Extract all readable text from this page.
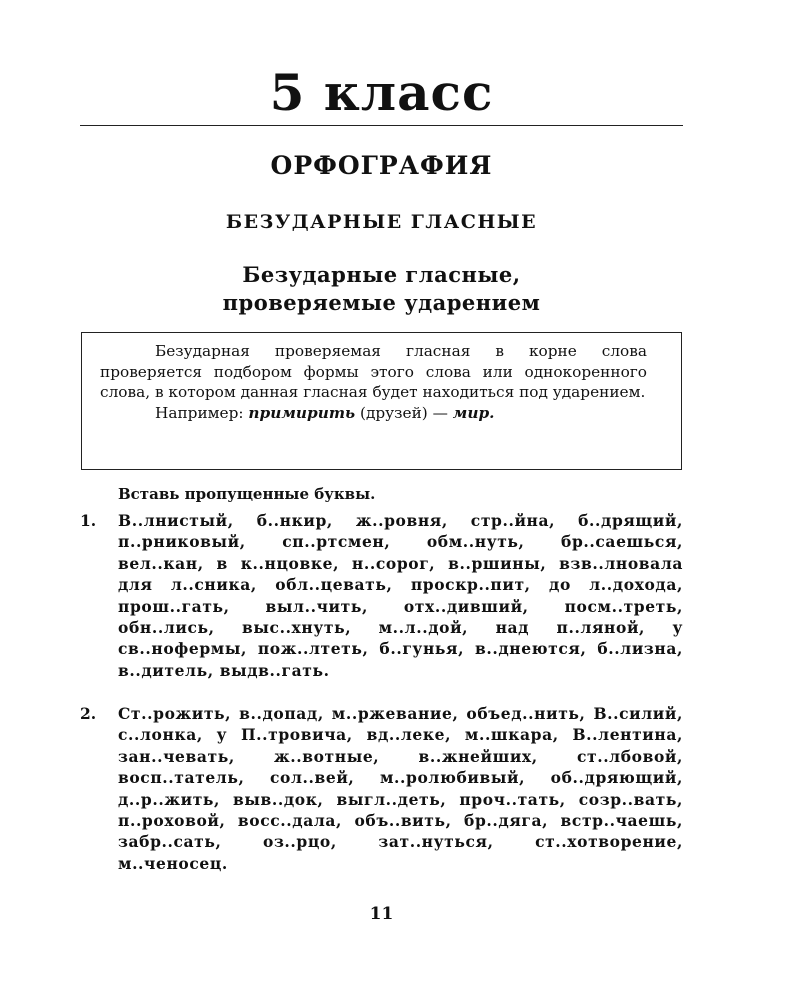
5 класс
ОРФОГРАФИЯ
БЕЗУДАРНЫЕ ГЛАСНЫЕ
Безударные гласные,
проверяемые ударением
Безударная проверяемая гласная в корне слова проверяется подбором формы этого слова или однокоренного слова, в котором данная гласная будет находиться под ударением.
Например: примирить (друзей) — мир.
Вставь пропущенные буквы.
1.	В..лнистый, б..нкир, ж..ровня, стр..йна, б..дрящий, п..рниковый, сп..ртсмен, обм..нуть, бр..саешься, вел..кан, в к..нцовке, н..сорог, в..ршины, взв..лновала для л..сника, обл..цевать, проскр..пит, до л..дохода, прош..гать, выл..чить, отх..дивший, посм..треть, обн..лись, выс..хнуть, м..л..дой, над п..ляной, у св..нофермы, пож..лтеть, б..гунья, в..днеются, б..лизна, в..дитель, выдв..гать.
2.	Ст..рожить, в..допад, м..ржевание, объед..нить, В..силий, с..лонка, у П..тровича, вд..леке, м..шкара, В..лентина, зан..чевать, ж..вотные, в..жнейших, ст..лбовой, восп..татель, сол..вей, м..ролюбивый, об..дряющий, д..р..жить, выв..док, выгл..деть, проч..тать, созр..вать, п..роховой, восс..дала, объ..вить, бр..дяга, встр..чаешь, забр..сать, оз..рцо, зат..нуться, ст..хотворение, м..ченосец.
11
